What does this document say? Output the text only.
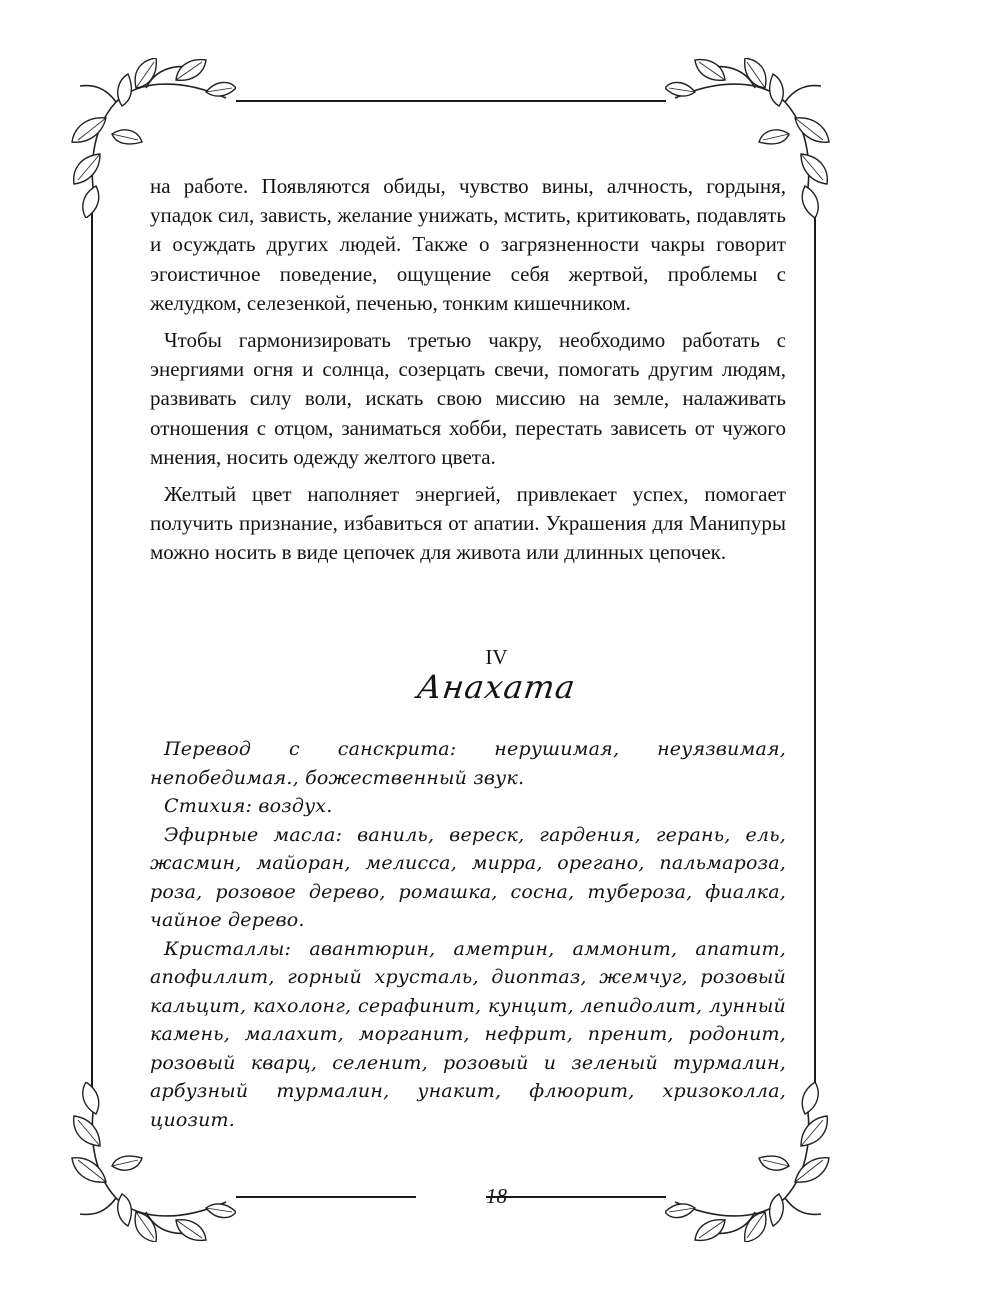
на работе. Появляются обиды, чувство вины, алчность, гордыня, упадок сил, зависть, желание унижать, мстить, критиковать, подавлять и осуждать других людей. Также о загрязненности чакры говорит эгоистичное поведение, ощущение себя жертвой, проблемы с желудком, селезенкой, печенью, тонким кишечником.

Чтобы гармонизировать третью чакру, необходимо работать с энергиями огня и солнца, созерцать свечи, помогать другим людям, развивать силу воли, искать свою миссию на земле, налаживать отношения с отцом, заниматься хобби, перестать зависеть от чужого мнения, носить одежду желтого цвета.

Желтый цвет наполняет энергией, привлекает успех, помогает получить признание, избавиться от апатии. Украшения для Манипуры можно носить в виде цепочек для живота или длинных цепочек.

IV
Анахата

Перевод с санскрита: нерушимая, неуязвимая, непобедимая., божественный звук.

Стихия: воздух.

Эфирные масла: ваниль, вереск, гардения, герань, ель, жасмин, майоран, мелисса, мирра, орегано, пальмароза, роза, розовое дерево, ромашка, сосна, тубероза, фиалка, чайное дерево.

Кристаллы: авантюрин, аметрин, аммонит, апатит, апофиллит, горный хрусталь, диоптаз, жемчуг, розовый кальцит, кахолонг, серафинит, кунцит, лепидолит, лунный камень, малахит, морганит, нефрит, пренит, родонит, розовый кварц, селенит, розовый и зеленый турмалин, арбузный турмалин, унакит, флюорит, хризоколла, циозит.

18
